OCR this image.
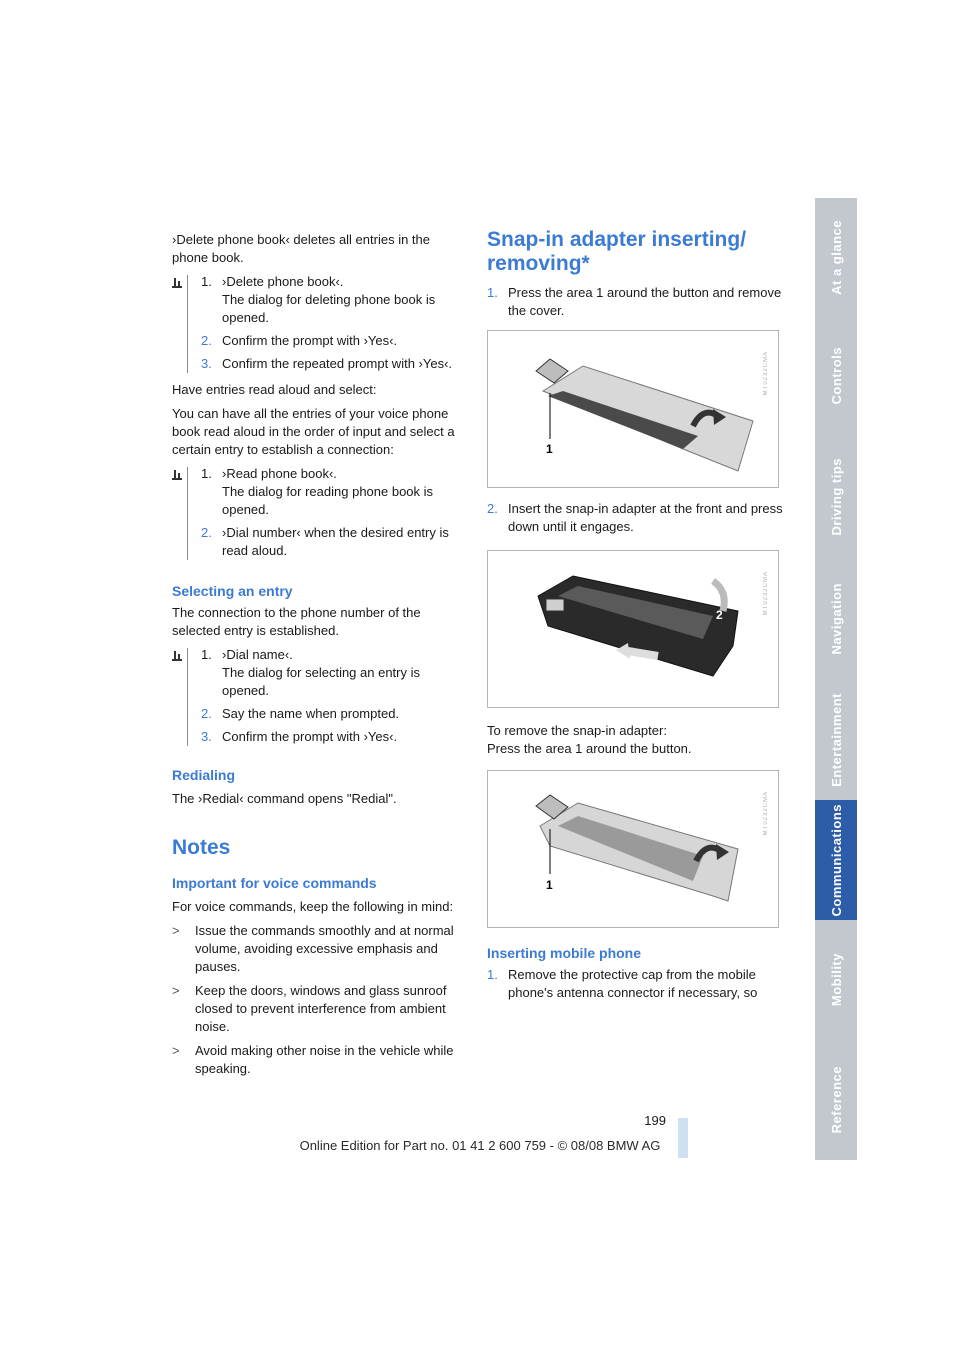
›Delete phone book‹ deletes all entries in the phone book.

1. ›Delete phone book‹.
The dialog for deleting phone book is opened.
2. Confirm the prompt with ›Yes‹.
3. Confirm the repeated prompt with ›Yes‹.

Have entries read aloud and select:

You can have all the entries of your voice phone book read aloud in the order of input and select a certain entry to establish a connection:

1. ›Read phone book‹.
The dialog for reading phone book is opened.
2. ›Dial number‹ when the desired entry is read aloud.
Selecting an entry

The connection to the phone number of the selected entry is established.

1. ›Dial name‹.
The dialog for selecting an entry is opened.
2. Say the name when prompted.
3. Confirm the prompt with ›Yes‹.
Redialing

The ›Redial‹ command opens "Redial".

Notes
Important for voice commands

For voice commands, keep the following in mind:

> Issue the commands smoothly and at normal volume, avoiding excessive emphasis and pauses.
> Keep the doors, windows and glass sunroof closed to prevent interference from ambient noise.
> Avoid making other noise in the vehicle while speaking.
Snap-in adapter inserting/ removing*
1. Press the area 1 around the button and remove the cover.
1
MT0232CMA
2. Insert the snap-in adapter at the front and press down until it engages.
2	MT0232CMA

To remove the snap-in adapter:

Press the area 1 around the button.

1
MT0232CMA
Inserting mobile phone
1. Remove the protective cap from the mobile phone's antenna connector if necessary, so
At a glance
Controls
Driving tips
Navigation
Entertainment
Communications
Mobility
Reference
199
Online Edition for Part no. 01 41 2 600 759 - © 08/08 BMW AG
